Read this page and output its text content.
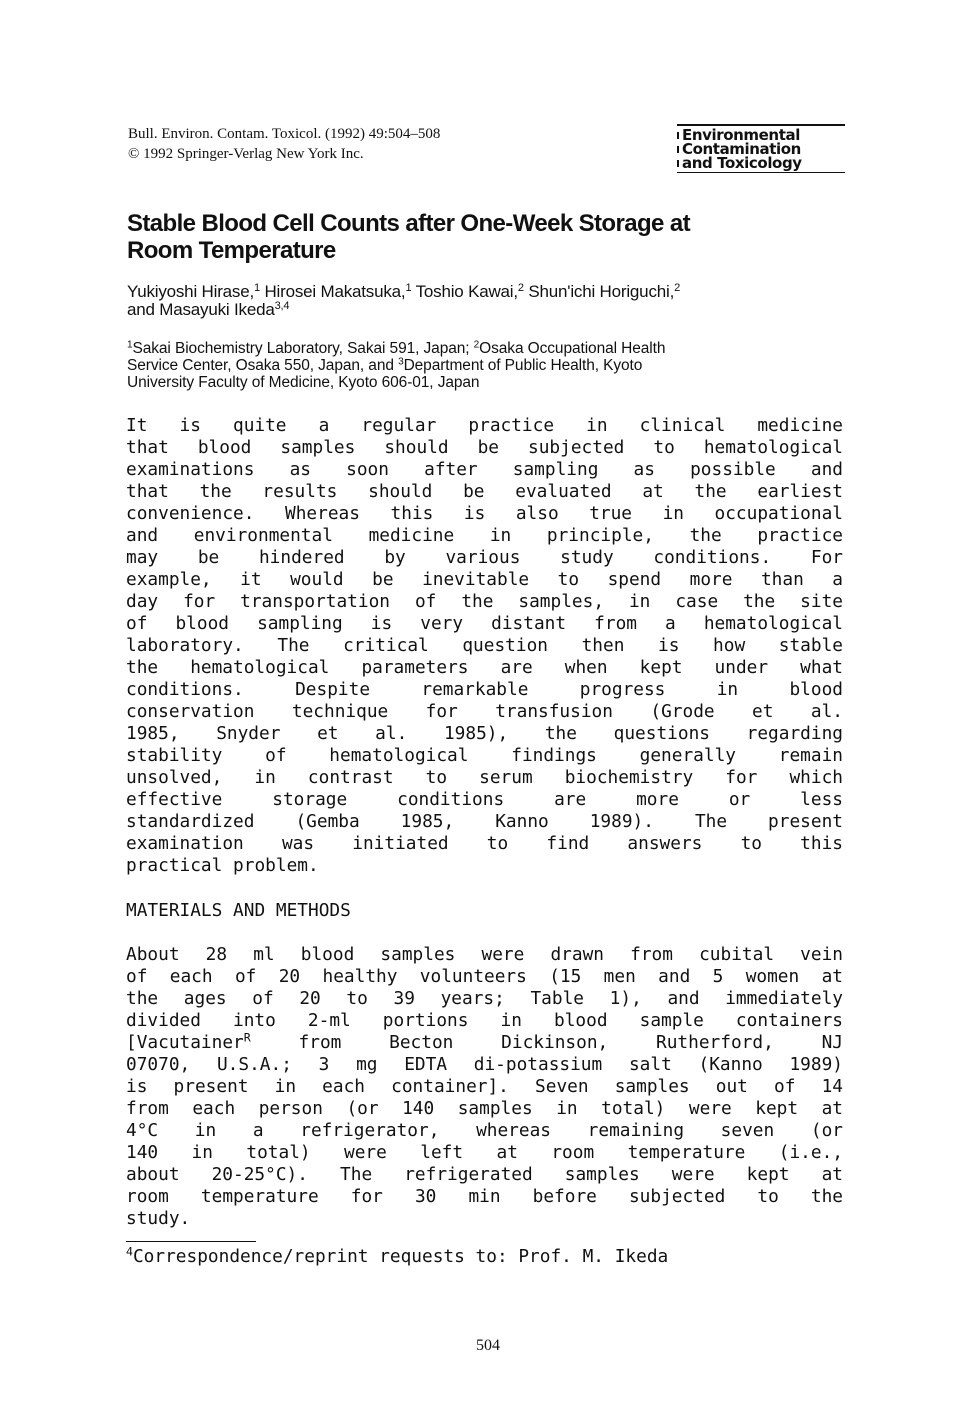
Bull. Environ. Contam. Toxicol. (1992) 49:504–508
© 1992 Springer-Verlag New York Inc.
Environmental
Contamination
and Toxicology
Stable Blood Cell Counts after One-Week Storage at
Room Temperature
Yukiyoshi Hirase,$^1$ Hirosei Makatsuka,$^1$ Toshio Kawai,$^2$ Shun'ichi Horiguchi,$^2$
and Masayuki Ikeda$^{3,4}$
$^1$Sakai Biochemistry Laboratory, Sakai 591, Japan; $^2$Osaka Occupational Health
Service Center, Osaka 550, Japan, and $^3$Department of Public Health, Kyoto
University Faculty of Medicine, Kyoto 606-01, Japan
It is quite a regular practice in clinical medicine
that blood samples should be subjected to hematological
examinations as soon after sampling as possible and
that the results should be evaluated at the earliest
convenience. Whereas this is also true in occupational
and environmental medicine in principle, the practice
may be hindered by various study conditions. For
example, it would be inevitable to spend more than a
day for transportation of the samples, in case the site
of blood sampling is very distant from a hematological
laboratory. The critical question then is how stable
the hematological parameters are when kept under what
conditions. Despite remarkable progress in blood
conservation technique for transfusion (Grode et al.
1985, Snyder et al. 1985), the questions regarding
stability of hematological findings generally remain
unsolved, in contrast to serum biochemistry for which
effective storage conditions are more or less
standardized (Gemba 1985, Kanno 1989). The present
examination was initiated to find answers to this
practical problem.
MATERIALS AND METHODS
About 28 ml blood samples were drawn from cubital vein
of each of 20 healthy volunteers (15 men and 5 women at
the ages of 20 to 39 years; Table 1), and immediately
divided into 2-ml portions in blood sample containers
[Vacutainer$^R$ from Becton Dickinson, Rutherford, NJ
07070, U.S.A.; 3 mg EDTA di-potassium salt (Kanno 1989)
is present in each container]. Seven samples out of 14
from each person (or 140 samples in total) were kept at
4°C in a refrigerator, whereas remaining seven (or
140 in total) were left at room temperature (i.e.,
about 20-25°C). The refrigerated samples were kept at
room temperature for 30 min before subjected to the
study.
$^4$Correspondence/reprint requests to: Prof. M. Ikeda
504
